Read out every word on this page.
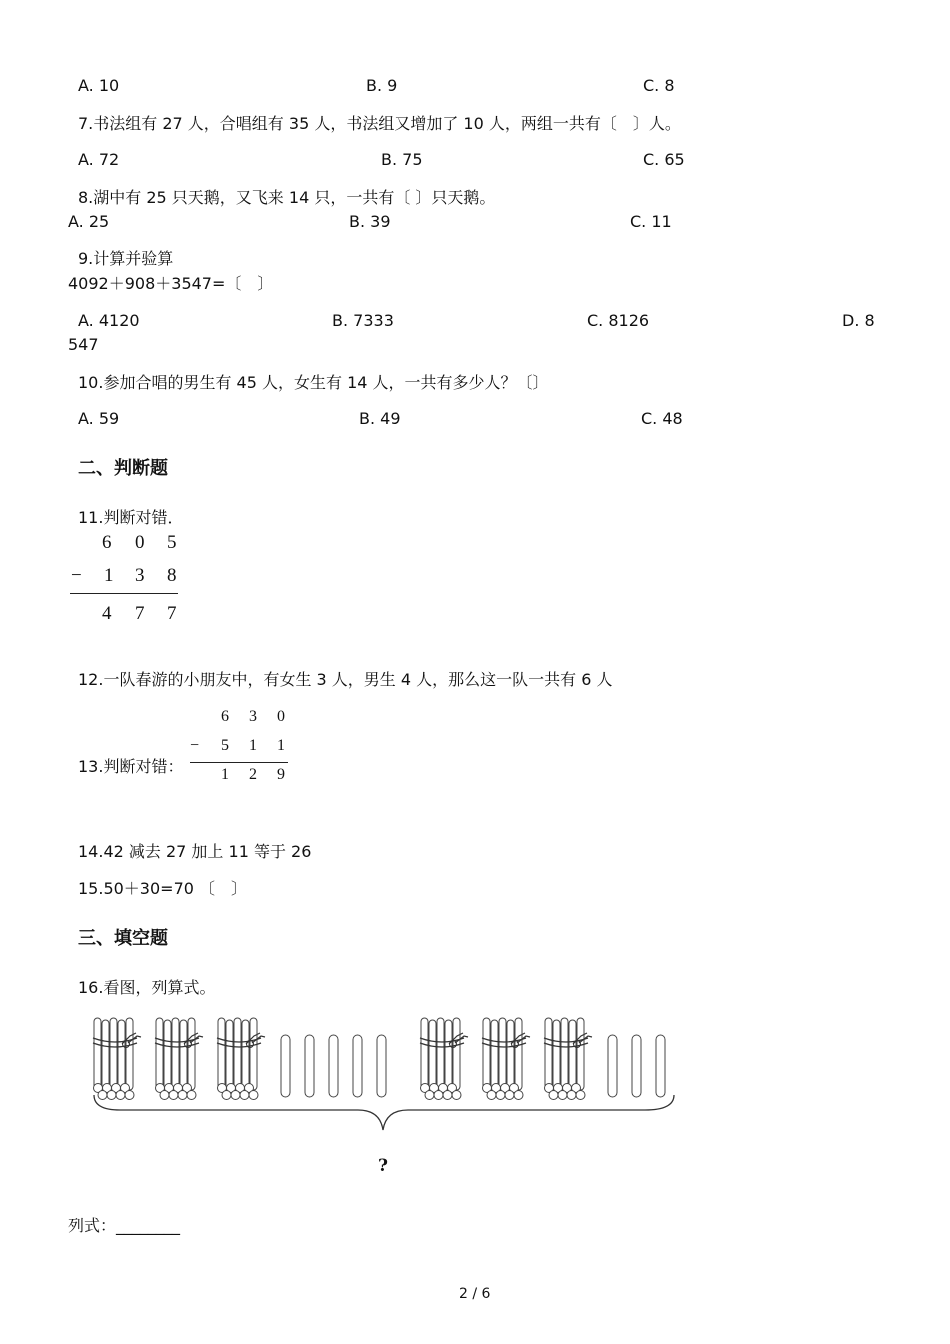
A. 10	B. 9	C. 8
7.书法组有 27 人，合唱组有 35 人，书法组又增加了 10 人，两组一共有〔　〕人。
A. 72	B. 75	C. 65
8.湖中有 25 只天鹅，又飞来 14 只，一共有〔 〕只天鹅。
A. 25	B. 39	C. 11
9.计算并验算
4092＋908＋3547=〔　〕
A. 4120	B. 7333	C. 8126	D. 8
547
10.参加合唱的男生有 45 人，女生有 14 人，一共有多少人？〔〕
A. 59	B. 49	C. 48
二、判断题
11.判断对错．
6 0 5
− 1 3 8
4 7 7
12.一队春游的小朋友中，有女生 3 人，男生 4 人，那么这一队一共有 6 人
13.判断对错：
6 3 0
− 5 1 1
1 2 9
14.42 减去 27 加上 11 等于 26
15.50＋30=70 〔　〕
三、填空题
16.看图，列算式。
?
列式：________
2 / 6
